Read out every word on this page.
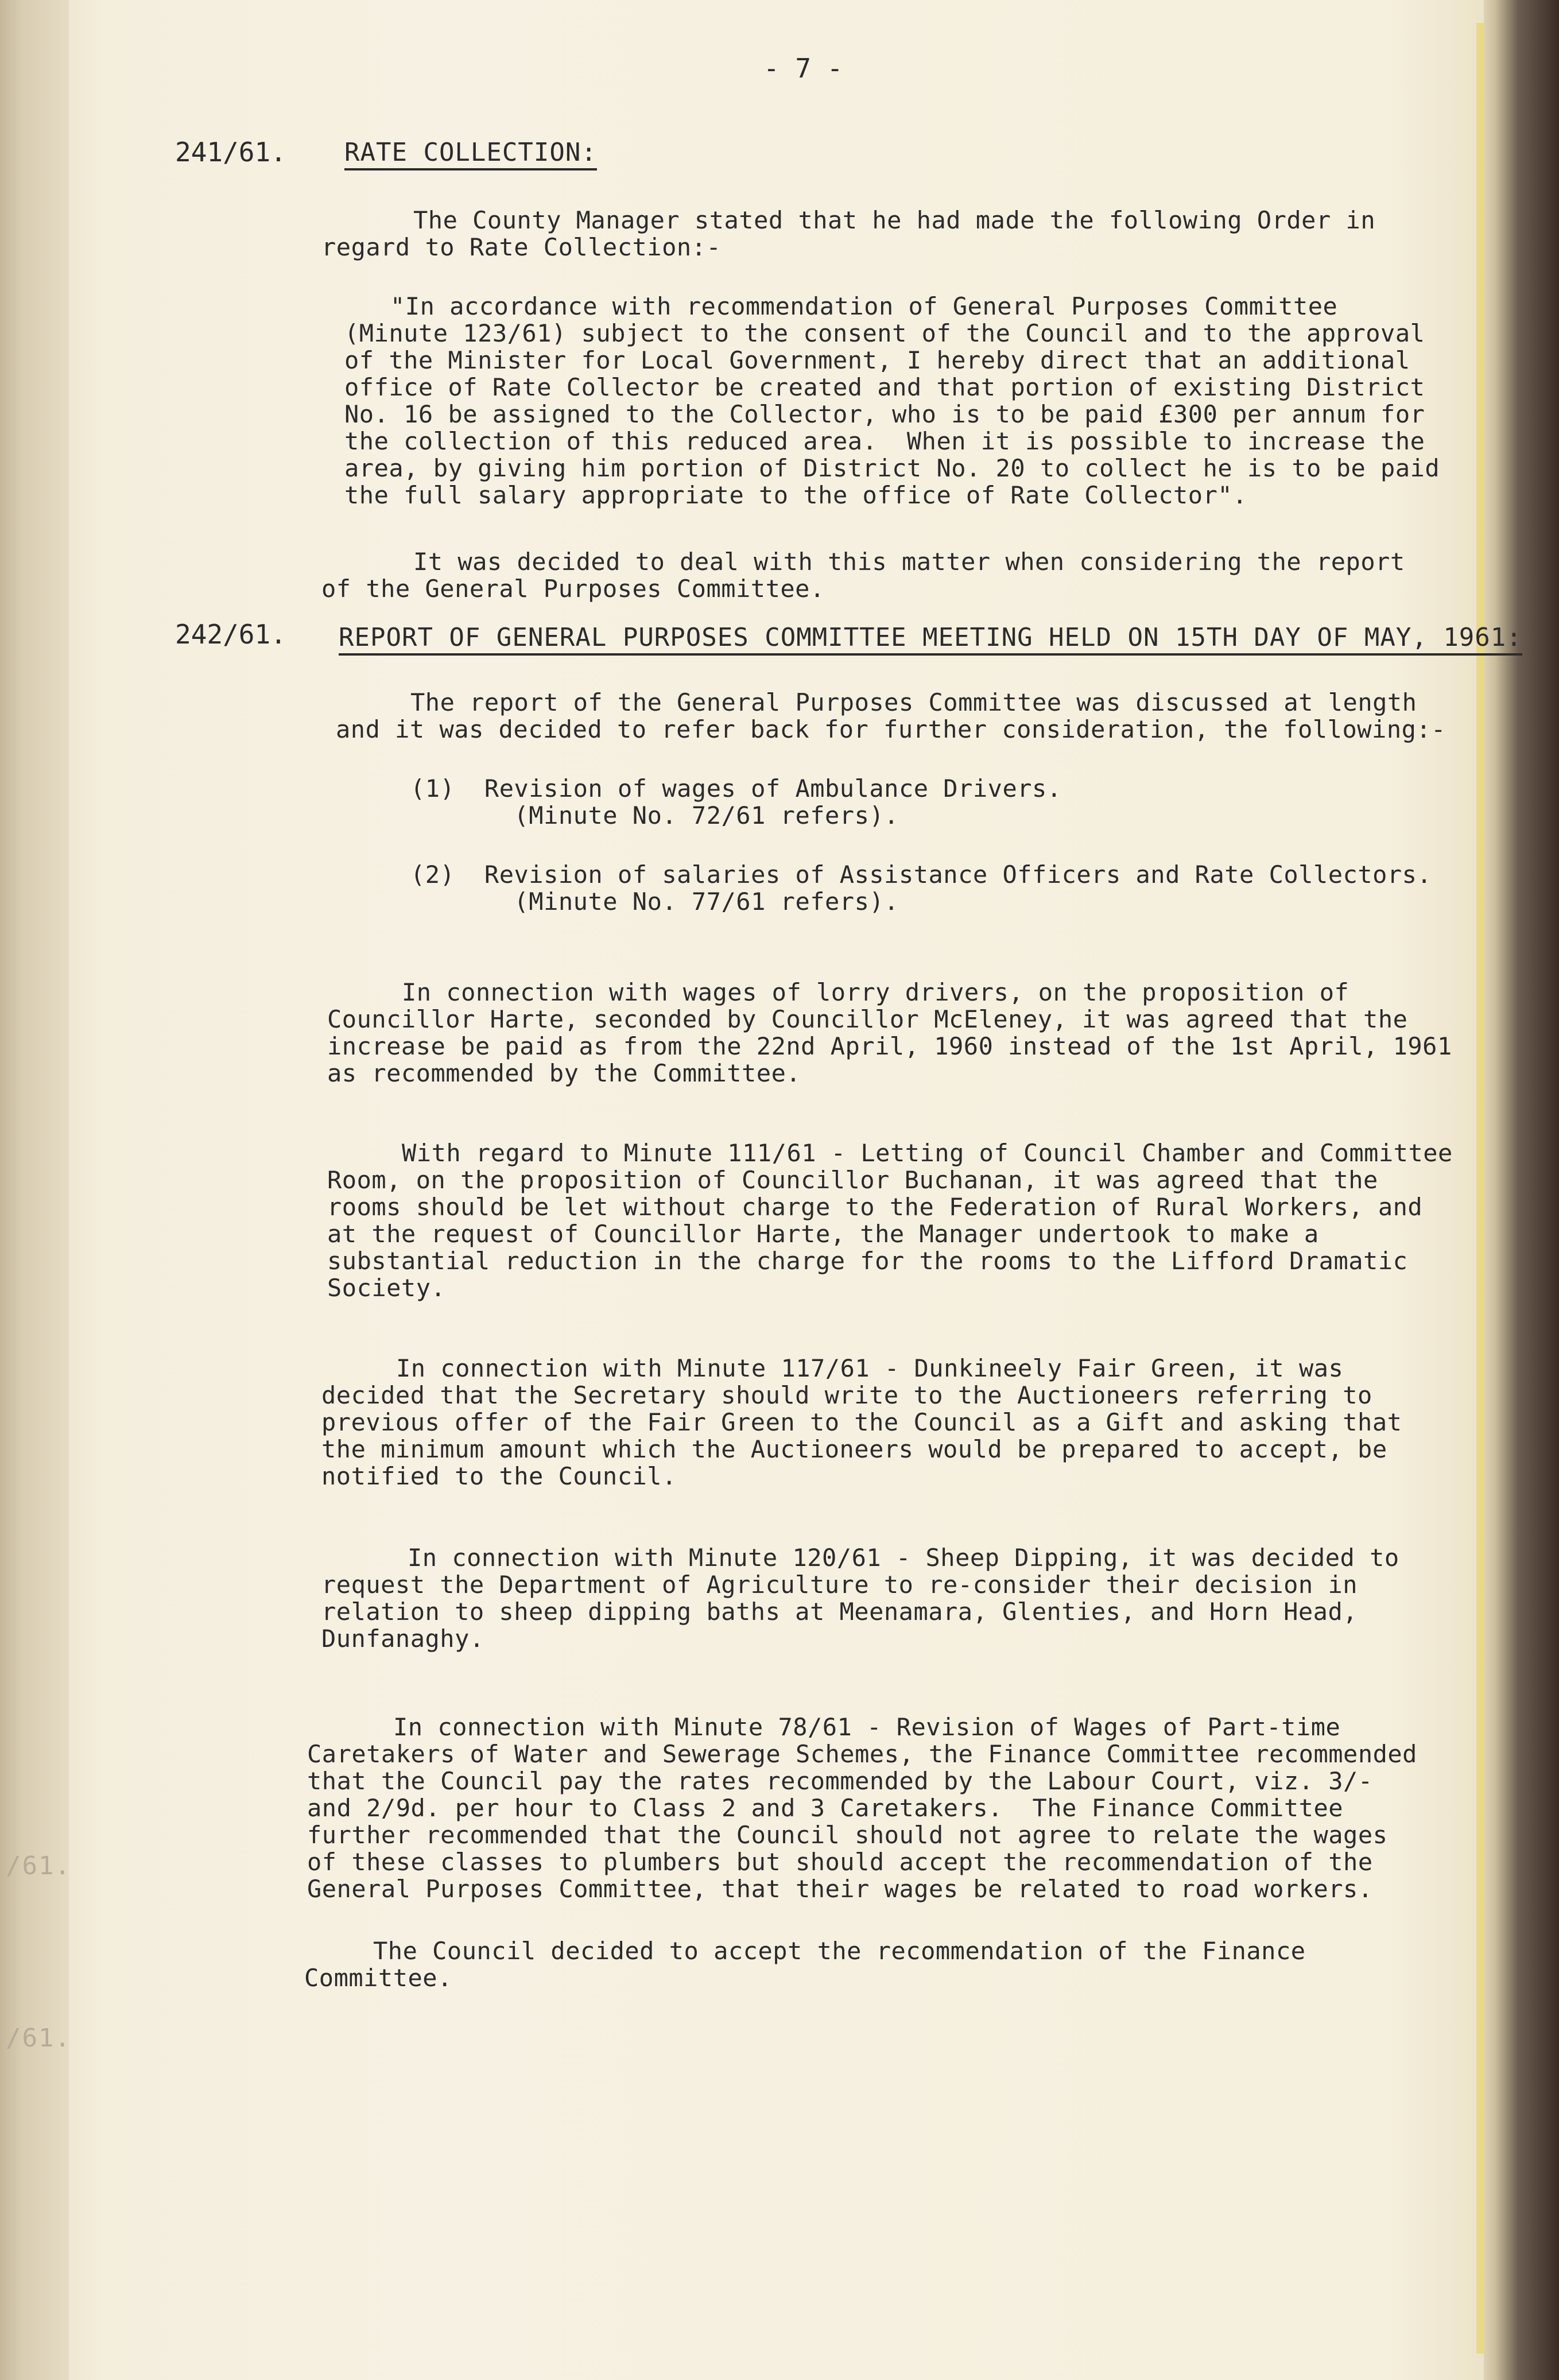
/61.
/61.
- 7 -
241/61. RATE COLLECTION:

The County Manager stated that he had made the following Order in
regard to Rate Collection:-

"In accordance with recommendation of General Purposes Committee
(Minute 123/61) subject to the consent of the Council and to the approval
of the Minister for Local Government, I hereby direct that an additional
office of Rate Collector be created and that portion of existing District
No. 16 be assigned to the Collector, who is to be paid £300 per annum for
the collection of this reduced area.  When it is possible to increase the
area, by giving him portion of District No. 20 to collect he is to be paid
the full salary appropriate to the office of Rate Collector".

It was decided to deal with this matter when considering the report
of the General Purposes Committee.

242/61. REPORT OF GENERAL PURPOSES COMMITTEE MEETING HELD ON 15TH DAY OF MAY, 1961:

The report of the General Purposes Committee was discussed at length
and it was decided to refer back for further consideration, the following:-

(1)  Revision of wages of Ambulance Drivers.
(Minute No. 72/61 refers).

(2)  Revision of salaries of Assistance Officers and Rate Collectors.
(Minute No. 77/61 refers).

In connection with wages of lorry drivers, on the proposition of
Councillor Harte, seconded by Councillor McEleney, it was agreed that the
increase be paid as from the 22nd April, 1960 instead of the 1st April, 1961
as recommended by the Committee.

With regard to Minute 111/61 - Letting of Council Chamber and Committee
Room, on the proposition of Councillor Buchanan, it was agreed that the
rooms should be let without charge to the Federation of Rural Workers, and
at the request of Councillor Harte, the Manager undertook to make a
substantial reduction in the charge for the rooms to the Lifford Dramatic
Society.

In connection with Minute 117/61 - Dunkineely Fair Green, it was
decided that the Secretary should write to the Auctioneers referring to
previous offer of the Fair Green to the Council as a Gift and asking that
the minimum amount which the Auctioneers would be prepared to accept, be
notified to the Council.

In connection with Minute 120/61 - Sheep Dipping, it was decided to
request the Department of Agriculture to re-consider their decision in
relation to sheep dipping baths at Meenamara, Glenties, and Horn Head,
Dunfanaghy.

In connection with Minute 78/61 - Revision of Wages of Part-time
Caretakers of Water and Sewerage Schemes, the Finance Committee recommended
that the Council pay the rates recommended by the Labour Court, viz. 3/-
and 2/9d. per hour to Class 2 and 3 Caretakers.  The Finance Committee
further recommended that the Council should not agree to relate the wages
of these classes to plumbers but should accept the recommendation of the
General Purposes Committee, that their wages be related to road workers.

The Council decided to accept the recommendation of the Finance
Committee.
